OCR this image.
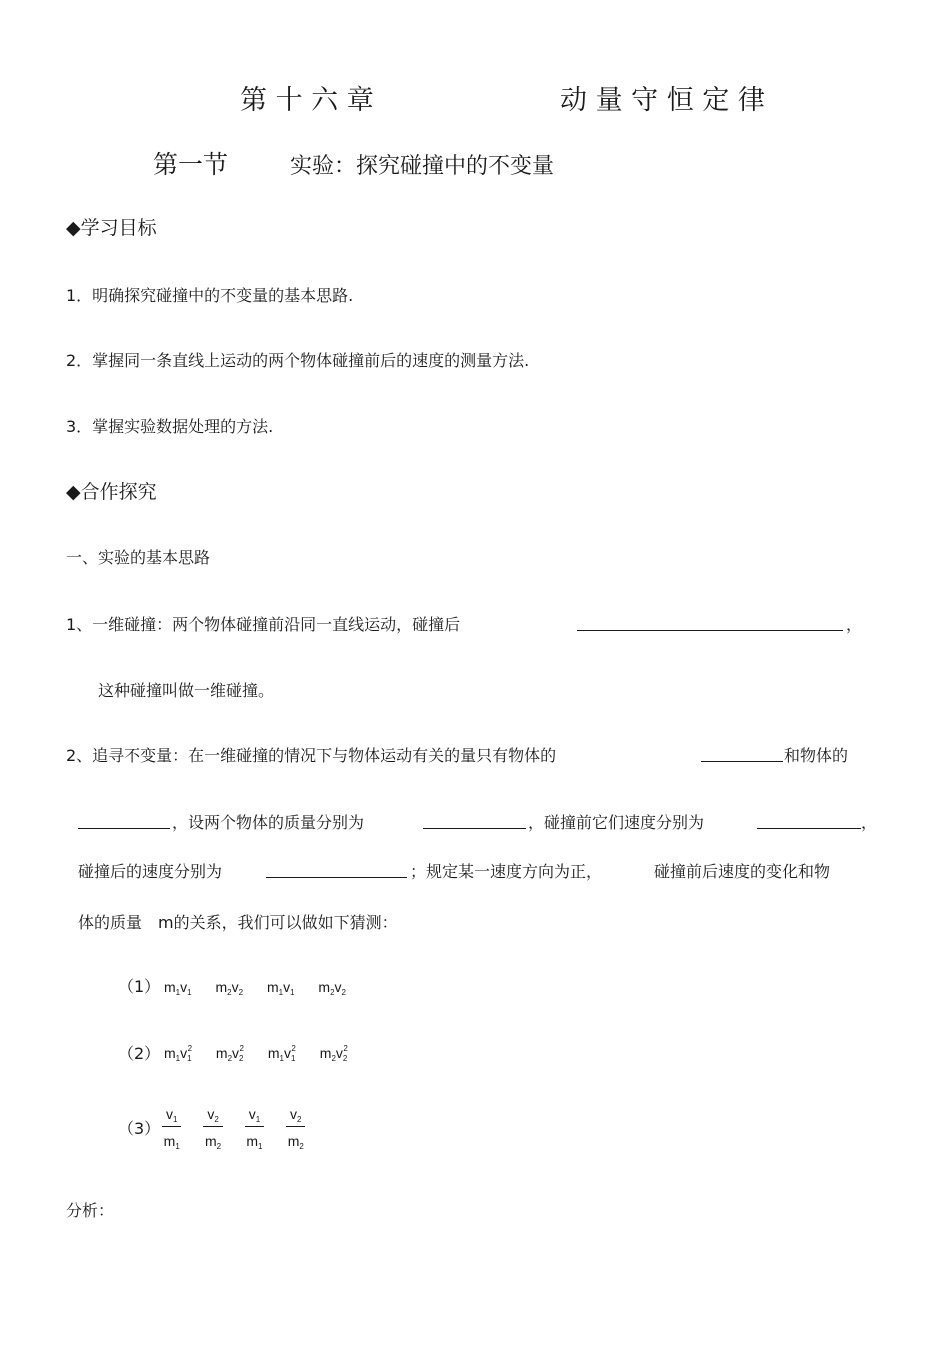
第 十 六 章	动 量 守 恒 定 律
第一节	实验：探究碰撞中的不变量
◆学习目标
1．明确探究碰撞中的不变量的基本思路.
2．掌握同一条直线上运动的两个物体碰撞前后的速度的测量方法.
3．掌握实验数据处理的方法.
◆合作探究
一、实验的基本思路
1、一维碰撞：两个物体碰撞前沿同一直线运动，碰撞后	，
这种碰撞叫做一维碰撞。
2、追寻不变量：在一维碰撞的情况下与物体运动有关的量只有物体的	和物体的
，设两个物体的质量分别为	，碰撞前它们速度分别为	，
碰撞后的速度分别为	；规定某一速度方向为正，	碰撞前后速度的变化和物
体的质量　m的关系，我们可以做如下猜测：
（1） $m_1v_1$ $m_2v_2$ $m_1v_1$ $m_2v_2$
（2） $m_1v_1^2$ $m_2v_2^2$ $m_1v_1^2$ $m_2v_2^2$
$(3) \frac{v_1}{m_1}$
$\frac{v_2}{m_2}$
$\frac{v_1}{m_1}$
$\frac{v_2}{m_2}$
分析：
